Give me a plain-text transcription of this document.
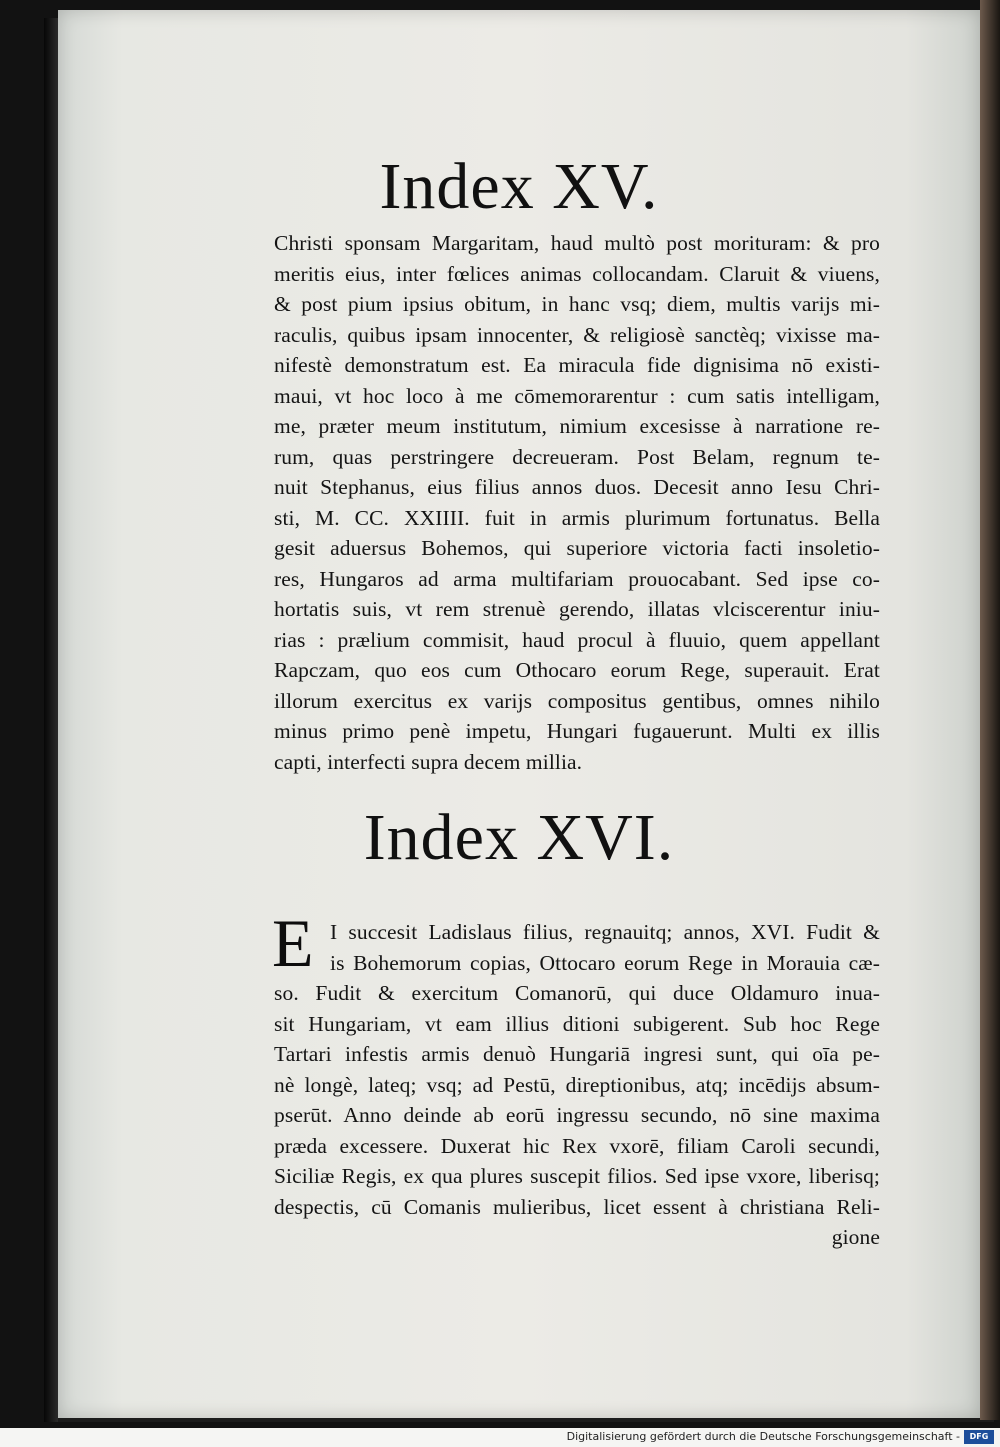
Index XV.
Christi sponsam Margaritam, haud multò post morituram: & pro
meritis eius, inter fœlices animas collocandam. Claruit & viuens,
& post pium ipsius obitum, in hanc vsq; diem, multis varijs mi-
raculis, quibus ipsam innocenter, & religiosè sanctèq; vixisse ma-
nifestè demonstratum est. Ea miracula fide dignisima nō existi-
maui, vt hoc loco à me cōmemorarentur : cum satis intelligam,
me, præter meum institutum, nimium excesisse à narratione re-
rum, quas perstringere decreueram. Post Belam, regnum te-
nuit Stephanus, eius filius annos duos. Decesit anno Iesu Chri-
sti, M. CC. XXIIII. fuit in armis plurimum fortunatus. Bella
gesit aduersus Bohemos, qui superiore victoria facti insoletio-
res, Hungaros ad arma multifariam prouocabant. Sed ipse co-
hortatis suis, vt rem strenuè gerendo, illatas vlciscerentur iniu-
rias : prælium commisit, haud procul à fluuio, quem appellant
Rapczam, quo eos cum Othocaro eorum Rege, superauit. Erat
illorum exercitus ex varijs compositus gentibus, omnes nihilo
minus primo penè impetu, Hungari fugauerunt. Multi ex illis
capti, interfecti supra decem millia.
Index XVI.
E I succesit Ladislaus filius, regnauitq; annos, XVI. Fudit &
is Bohemorum copias, Ottocaro eorum Rege in Morauia cæ-
so. Fudit & exercitum Comanorū, qui duce Oldamuro inua-
sit Hungariam, vt eam illius ditioni subigerent. Sub hoc Rege
Tartari infestis armis denuò Hungariā ingresi sunt, qui oīa pe-
nè longè, lateq; vsq; ad Pestū, direptionibus, atq; incēdijs absum-
pserūt. Anno deinde ab eorū ingressu secundo, nō sine maxima
præda excessere. Duxerat hic Rex vxorē, filiam Caroli secundi,
Siciliæ Regis, ex qua plures suscepit filios. Sed ipse vxore, liberisq;
despectis, cū Comanis mulieribus, licet essent à christiana Reli-
gione
Digitalisierung gefördert durch die Deutsche Forschungsgemeinschaft -	DFG
